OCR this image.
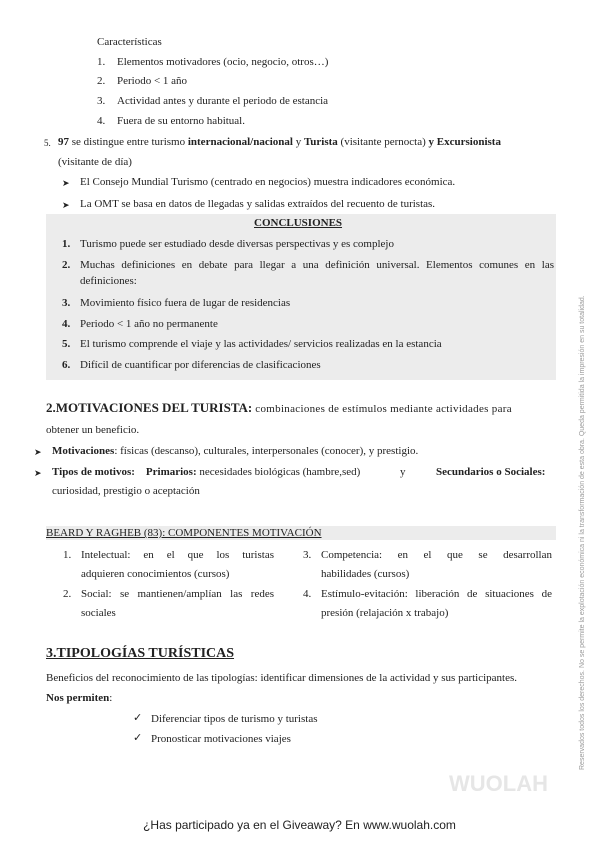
Características
1. Elementos motivadores (ocio, negocio, otros…)
2. Periodo < 1 año
3. Actividad antes y durante el periodo de estancia
4. Fuera de su entorno habitual.
5. 97 se distingue entre turismo internacional/nacional y Turista (visitante pernocta) y Excursionista
(visitante de día)
➤ El Consejo Mundial Turismo (centrado en negocios) muestra indicadores económica.
➤ La OMT se basa en datos de llegadas y salidas extraídos del recuento de turistas.
CONCLUSIONES
1. Turismo puede ser estudiado desde diversas perspectivas y es complejo
2. Muchas definiciones en debate para llegar a una definición universal. Elementos comunes en las
definiciones:
3. Movimiento físico fuera de lugar de residencias
4. Periodo < 1 año no permanente
5. El turismo comprende el viaje y las actividades/ servicios realizadas en la estancia
6. Difícil de cuantificar por diferencias de clasificaciones
2.MOTIVACIONES DEL TURISTA: combinaciones de estímulos mediante actividades para
obtener un beneficio.
➤ Motivaciones: físicas (descanso), culturales, interpersonales (conocer), y prestigio.
➤ Tipos de motivos: Primarios: necesidades biológicas (hambre,sed)	y	Secundarios o Sociales:
curiosidad, prestigio o aceptación
BEARD Y RAGHEB (83): COMPONENTES MOTIVACIÓN
1. Intelectual: en el que los turistas
adquieren conocimientos (cursos)
2. Social: se mantienen/amplían las redes
sociales
3. Competencia: en el que se desarrollan
habilidades (cursos)
4. Estímulo-evitación: liberación de situaciones de
presión (relajación x trabajo)
3.TIPOLOGÍAS TURÍSTICAS
Beneficios del reconocimiento de las tipologías: identificar dimensiones de la actividad y sus participantes.
Nos permiten:
✓ Diferenciar tipos de turismo y turistas
✓ Pronosticar motivaciones viajes	Reservados todos los derechos. No se permite la explotación económica ni la transformación de esta obra. Queda permitida la impresión en su totalidad.
WUOLAH
¿Has participado ya en el Giveaway? En www.wuolah.com
